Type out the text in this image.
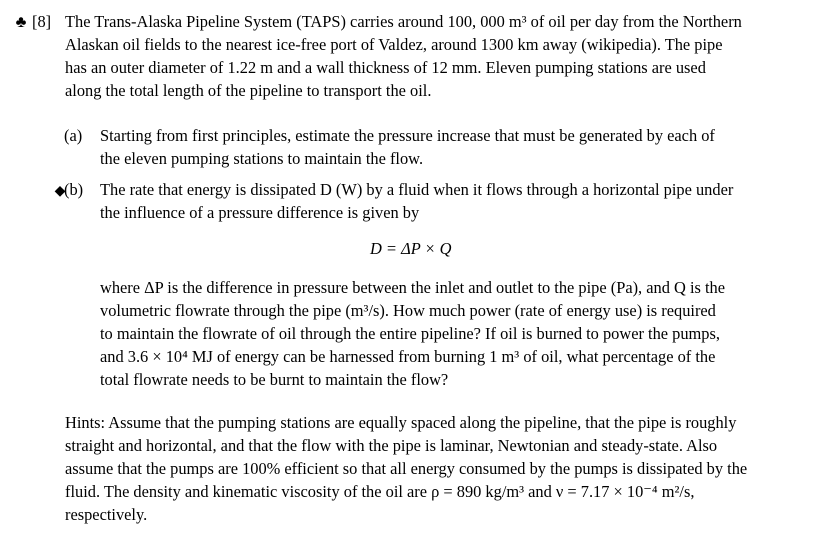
♣ [8] The Trans-Alaska Pipeline System (TAPS) carries around 100, 000 m³ of oil per day from the Northern
Alaskan oil fields to the nearest ice-free port of Valdez, around 1300 km away (wikipedia). The pipe
has an outer diameter of 1.22 m and a wall thickness of 12 mm. Eleven pumping stations are used
along the total length of the pipeline to transport the oil.
(a) Starting from first principles, estimate the pressure increase that must be generated by each of
the eleven pumping stations to maintain the flow.
◆
(b) The rate that energy is dissipated D (W) by a fluid when it flows through a horizontal pipe under
the influence of a pressure difference is given by
D = ΔP × Q
where ΔP is the difference in pressure between the inlet and outlet to the pipe (Pa), and Q is the
volumetric flowrate through the pipe (m³/s). How much power (rate of energy use) is required
to maintain the flowrate of oil through the entire pipeline? If oil is burned to power the pumps,
and 3.6 × 10⁴ MJ of energy can be harnessed from burning 1 m³ of oil, what percentage of the
total flowrate needs to be burnt to maintain the flow?
Hints: Assume that the pumping stations are equally spaced along the pipeline, that the pipe is roughly
straight and horizontal, and that the flow with the pipe is laminar, Newtonian and steady-state. Also
assume that the pumps are 100% efficient so that all energy consumed by the pumps is dissipated by the
fluid. The density and kinematic viscosity of the oil are ρ = 890 kg/m³ and ν = 7.17 × 10⁻⁴ m²/s,
respectively.
